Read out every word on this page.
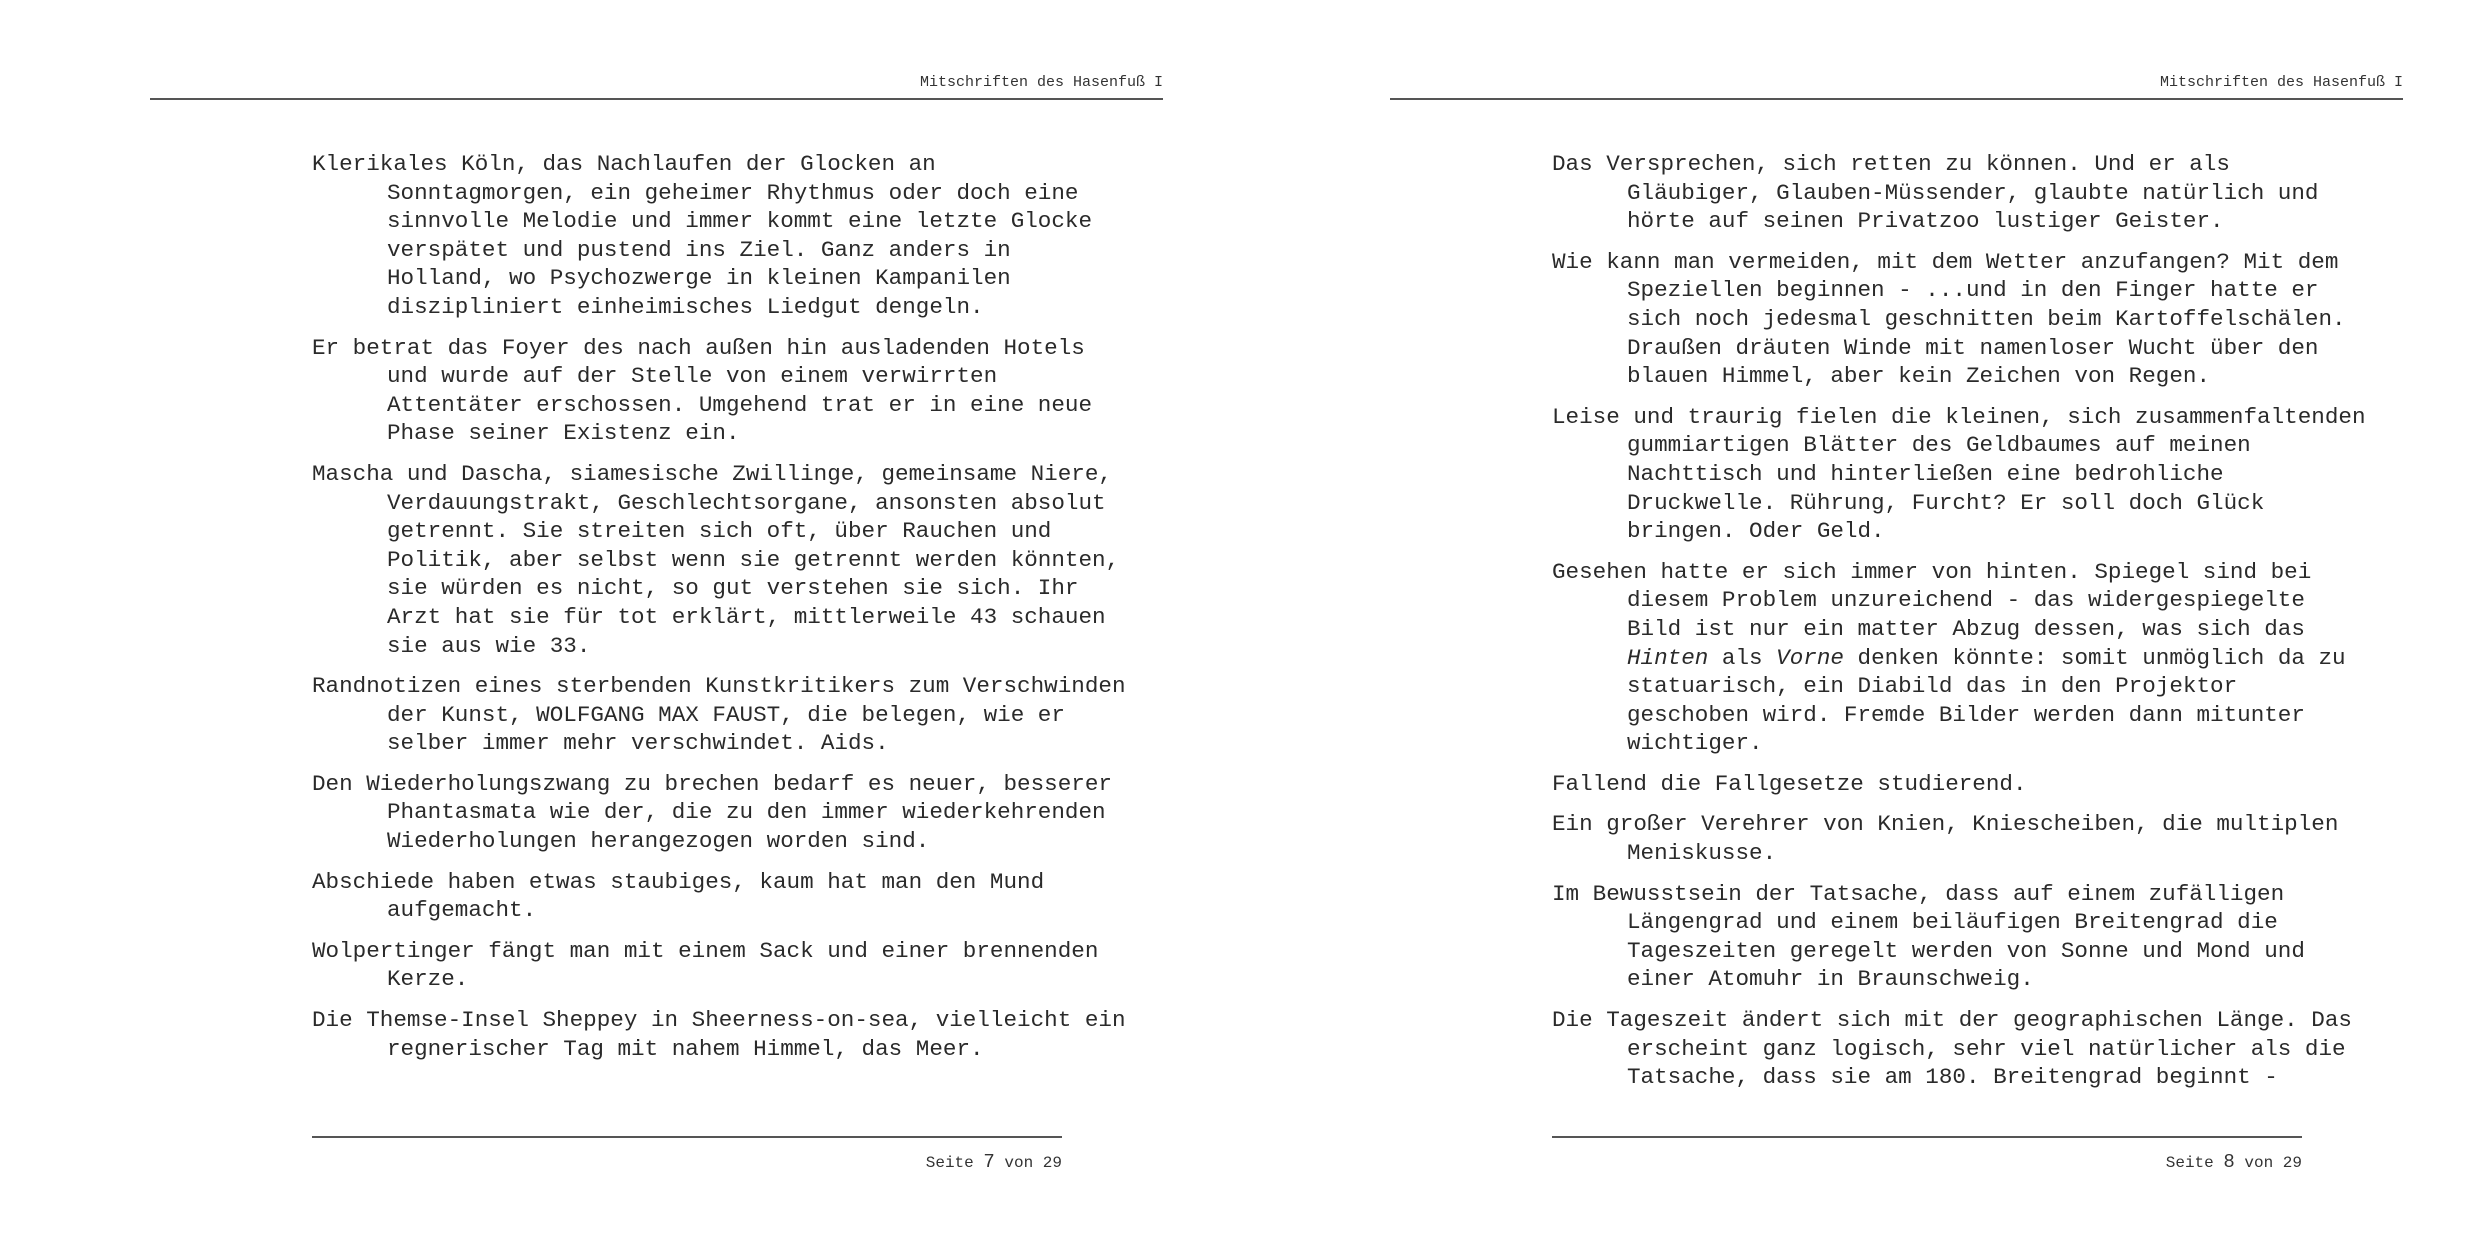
Mitschriften des Hasenfuß I

Klerikales Köln, das Nachlaufen der Glocken an Sonntagmorgen, ein geheimer Rhythmus oder doch eine sinnvolle Melodie und immer kommt eine letzte Glocke verspätet und pustend ins Ziel. Ganz anders in Holland, wo Psychozwerge in kleinen Kampanilen diszipliniert einheimisches Liedgut dengeln.

Er betrat das Foyer des nach außen hin ausladenden Hotels und wurde auf der Stelle von einem verwirrten Attentäter erschossen. Umgehend trat er in eine neue Phase seiner Existenz ein.

Mascha und Dascha, siamesische Zwillinge, gemeinsame Niere, Verdauungstrakt, Geschlechtsorgane, ansonsten absolut getrennt. Sie streiten sich oft, über Rauchen und Politik, aber selbst wenn sie getrennt werden könnten, sie würden es nicht, so gut verstehen sie sich. Ihr Arzt hat sie für tot erklärt, mittlerweile 43 schauen sie aus wie 33.

Randnotizen eines sterbenden Kunstkritikers zum Verschwinden der Kunst, WOLFGANG MAX FAUST, die belegen, wie er selber immer mehr verschwindet. Aids.

Den Wiederholungszwang zu brechen bedarf es neuer, besserer Phantasmata wie der, die zu den immer wiederkehrenden Wiederholungen herangezogen worden sind.

Abschiede haben etwas staubiges, kaum hat man den Mund aufgemacht.

Wolpertinger fängt man mit einem Sack und einer brennenden Kerze.

Die Themse-Insel Sheppey in Sheerness-on-sea, vielleicht ein regnerischer Tag mit nahem Himmel, das Meer.

Seite 7 von 29
Mitschriften des Hasenfuß I

Das Versprechen, sich retten zu können. Und er als Gläubiger, Glauben-Müssender, glaubte natürlich und hörte auf seinen Privatzoo lustiger Geister.

Wie kann man vermeiden, mit dem Wetter anzufangen? Mit dem Speziellen beginnen - ...und in den Finger hatte er sich noch jedesmal geschnitten beim Kartoffelschälen. Draußen dräuten Winde mit namenloser Wucht über den blauen Himmel, aber kein Zeichen von Regen.

Leise und traurig fielen die kleinen, sich zusammenfaltenden gummiartigen Blätter des Geldbaumes auf meinen Nachttisch und hinterließen eine bedrohliche Druckwelle. Rührung, Furcht? Er soll doch Glück bringen. Oder Geld.

Gesehen hatte er sich immer von hinten. Spiegel sind bei diesem Problem unzureichend - das widergespiegelte Bild ist nur ein matter Abzug dessen, was sich das Hinten als Vorne denken könnte: somit unmöglich da zu statuarisch, ein Diabild das in den Projektor geschoben wird. Fremde Bilder werden dann mitunter wichtiger.

Fallend die Fallgesetze studierend.

Ein großer Verehrer von Knien, Kniescheiben, die multiplen Meniskusse.

Im Bewusstsein der Tatsache, dass auf einem zufälligen Längengrad und einem beiläufigen Breitengrad die Tageszeiten geregelt werden von Sonne und Mond und einer Atomuhr in Braunschweig.

Die Tageszeit ändert sich mit der geographischen Länge. Das erscheint ganz logisch, sehr viel natürlicher als die Tatsache, dass sie am 180. Breitengrad beginnt -

Seite 8 von 29
